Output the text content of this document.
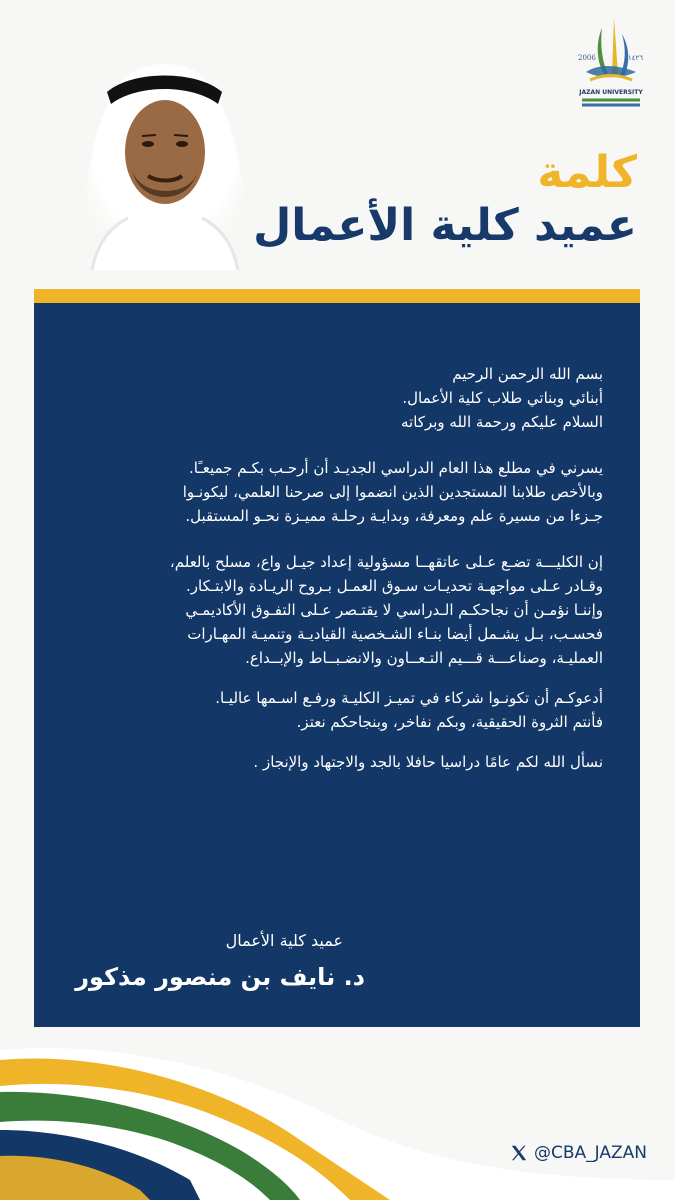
2006	١٤٢٦
JAZAN UNIVERSITY
كلمة
عميد كلية الأعمال
بسم الله الرحمن الرحيم
أبنائي وبناتي طلاب كلية الأعمال.
السلام عليكم ورحمة الله وبركاته
يسرني في مطلع هذا العام الدراسي الجديـد أن أرحـب بكـم جميعـًا.
وبالأخص طلابنا المستجدين الذين انضموا إلى صرحنا العلمي، ليكونـوا
جـزءا من مسيرة علم ومعرفة، وبدايـة رحلـة مميـزة نحـو المستقبل.
إن الكليـــة تضـع عـلى عاتقهــا مسؤولية إعداد جيـل واع، مسلح بالعلم،
وقـادر عـلى مواجهـة تحديـات سـوق العمـل بـروح الريـادة والابتـكار.
وإننـا نؤمـن أن نجاحكـم الـدراسي لا يقتـصر عـلى التفـوق الأكاديمـي
فحسـب، بـل يشـمل أيضا بنـاء الشـخصية القياديـة وتنميـة المهـارات
العمليـة، وصناعـــة قـــيم التـعــاون والانضـبــاط والإبــداع.
أدعوكـم أن تكونـوا شركاء في تميـز الكليـة ورفـع اسـمها عاليـا.
فأنتم الثروة الحقيقية، وبكم نفاخر، وبنجاحكم نعتز.
نسأل الله لكم عامًا دراسيا حافلا بالجد والاجتهاد والإنجاز .
عميد كلية الأعمال
د. نايف بن منصور مذكور
@CBA_JAZAN
